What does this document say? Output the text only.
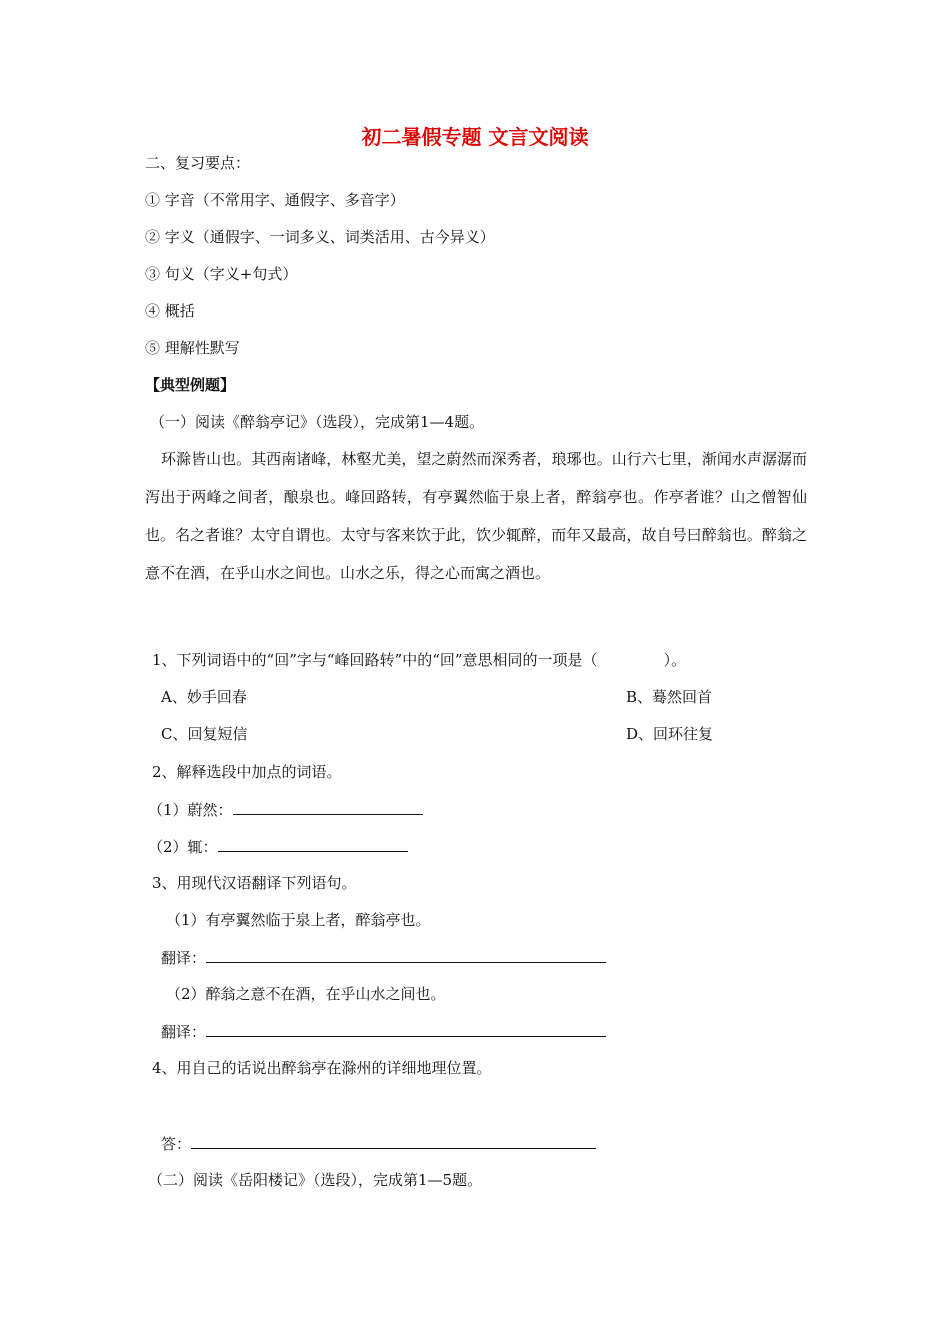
初二暑假专题 文言文阅读
二、复习要点：
① 字音（不常用字、通假字、多音字）
② 字义（通假字、一词多义、词类活用、古今异义）
③ 句义（字义+句式）
④ 概括
⑤ 理解性默写
【典型例题】
（一）阅读《醉翁亭记》（选段），完成第1—4题。
环滁皆山也。其西南诸峰，林壑尤美，望之蔚然而深秀者，琅琊也。山行六七里，渐闻水声潺潺而泻出于两峰之间者，酿泉也。峰回路转，有亭翼然临于泉上者，醉翁亭也。作亭者谁？山之僧智仙也。名之者谁？太守自谓也。太守与客来饮于此，饮少辄醉，而年又最高，故自号曰醉翁也。醉翁之意不在酒，在乎山水之间也。山水之乐，得之心而寓之酒也。
1、下列词语中的“回”字与“峰回路转”中的“回”意思相同的一项是（	）。
A、妙手回春	B、蓦然回首
C、回复短信	D、回环往复
2、解释选段中加点的词语。
（1）蔚然：
（2）辄：
3、用现代汉语翻译下列语句。
（1）有亭翼然临于泉上者，醉翁亭也。
翻译：
（2）醉翁之意不在酒，在乎山水之间也。
翻译：
4、用自己的话说出醉翁亭在滁州的详细地理位置。
答：
（二）阅读《岳阳楼记》（选段），完成第1—5题。
